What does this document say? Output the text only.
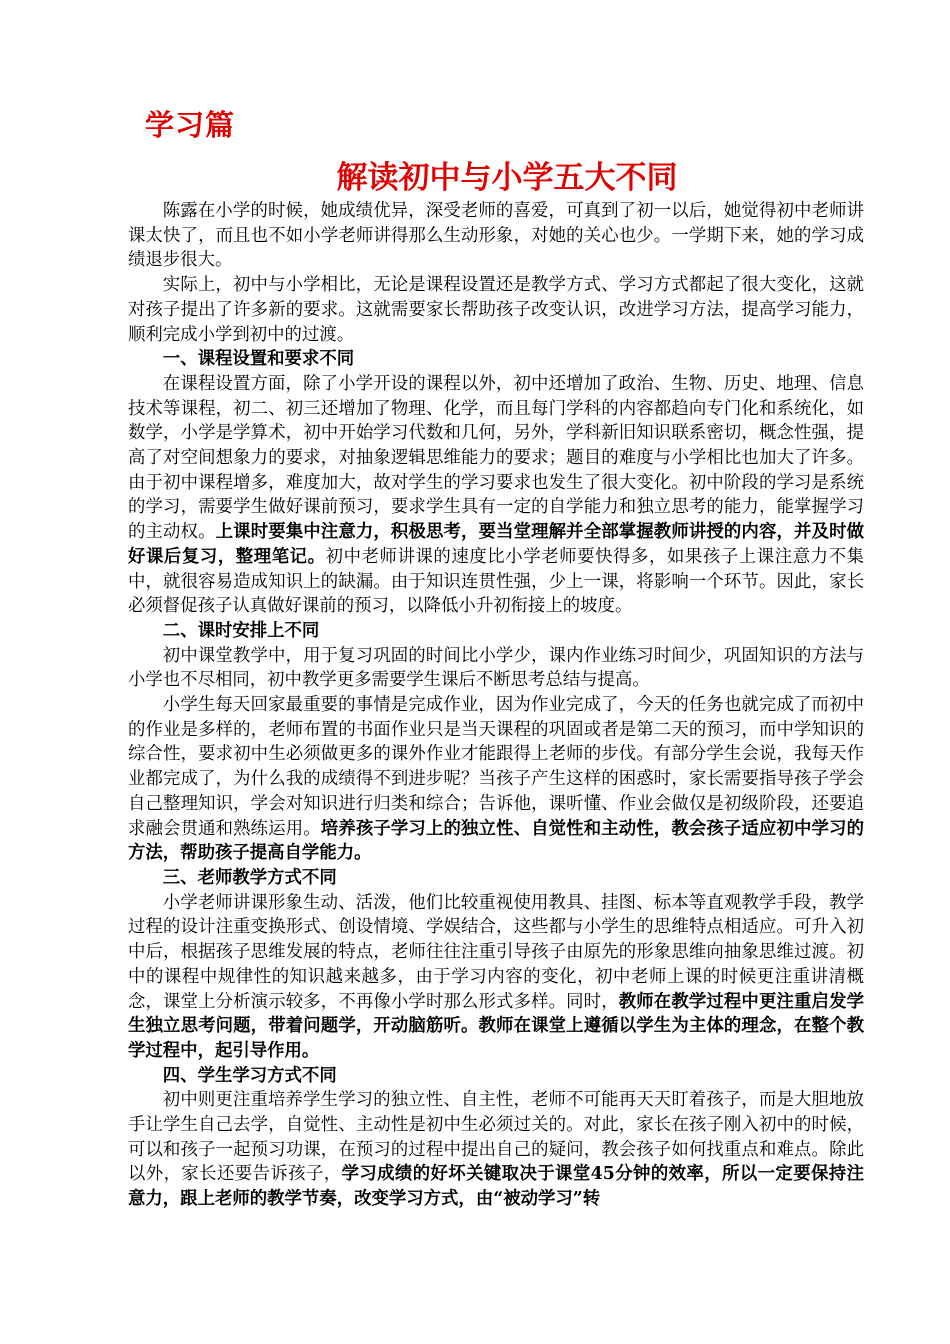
学习篇
解读初中与小学五大不同

陈露在小学的时候，她成绩优异，深受老师的喜爱，可真到了初一以后，她觉得初中老师讲课太快了，而且也不如小学老师讲得那么生动形象，对她的关心也少。一学期下来，她的学习成绩退步很大。

实际上，初中与小学相比，无论是课程设置还是教学方式、学习方式都起了很大变化，这就对孩子提出了许多新的要求。这就需要家长帮助孩子改变认识，改进学习方法，提高学习能力，顺利完成小学到初中的过渡。

一、课程设置和要求不同

在课程设置方面，除了小学开设的课程以外，初中还增加了政治、生物、历史、地理、信息技术等课程，初二、初三还增加了物理、化学，而且每门学科的内容都趋向专门化和系统化，如数学，小学是学算术，初中开始学习代数和几何，另外，学科新旧知识联系密切，概念性强，提高了对空间想象力的要求，对抽象逻辑思维能力的要求；题目的难度与小学相比也加大了许多。由于初中课程增多，难度加大，故对学生的学习要求也发生了很大变化。初中阶段的学习是系统的学习，需要学生做好课前预习，要求学生具有一定的自学能力和独立思考的能力，能掌握学习的主动权。上课时要集中注意力，积极思考，要当堂理解并全部掌握教师讲授的内容，并及时做好课后复习，整理笔记。初中老师讲课的速度比小学老师要快得多，如果孩子上课注意力不集中，就很容易造成知识上的缺漏。由于知识连贯性强，少上一课，将影响一个环节。因此，家长必须督促孩子认真做好课前的预习，以降低小升初衔接上的坡度。

二、课时安排上不同

初中课堂教学中，用于复习巩固的时间比小学少，课内作业练习时间少，巩固知识的方法与小学也不尽相同，初中教学更多需要学生课后不断思考总结与提高。

小学生每天回家最重要的事情是完成作业，因为作业完成了，今天的任务也就完成了而初中的作业是多样的，老师布置的书面作业只是当天课程的巩固或者是第二天的预习，而中学知识的综合性，要求初中生必须做更多的课外作业才能跟得上老师的步伐。有部分学生会说，我每天作业都完成了，为什么我的成绩得不到进步呢？当孩子产生这样的困惑时，家长需要指导孩子学会自己整理知识，学会对知识进行归类和综合；告诉他，课听懂、作业会做仅是初级阶段，还要追求融会贯通和熟练运用。培养孩子学习上的独立性、自觉性和主动性，教会孩子适应初中学习的方法，帮助孩子提高自学能力。

三、老师教学方式不同

小学老师讲课形象生动、活泼，他们比较重视使用教具、挂图、标本等直观教学手段，教学过程的设计注重变换形式、创设情境、学娱结合，这些都与小学生的思维特点相适应。可升入初中后，根据孩子思维发展的特点，老师往往注重引导孩子由原先的形象思维向抽象思维过渡。初中的课程中规律性的知识越来越多，由于学习内容的变化，初中老师上课的时候更注重讲清概念，课堂上分析演示较多，不再像小学时那么形式多样。同时，教师在教学过程中更注重启发学生独立思考问题，带着问题学，开动脑筋听。教师在课堂上遵循以学生为主体的理念，在整个教学过程中，起引导作用。

四、学生学习方式不同

初中则更注重培养学生学习的独立性、自主性，老师不可能再天天盯着孩子，而是大胆地放手让学生自己去学，自觉性、主动性是初中生必须过关的。对此，家长在孩子刚入初中的时候，可以和孩子一起预习功课，在预习的过程中提出自己的疑问，教会孩子如何找重点和难点。除此以外，家长还要告诉孩子，学习成绩的好坏关键取决于课堂45分钟的效率，所以一定要保持注意力，跟上老师的教学节奏，改变学习方式，由“被动学习”转
